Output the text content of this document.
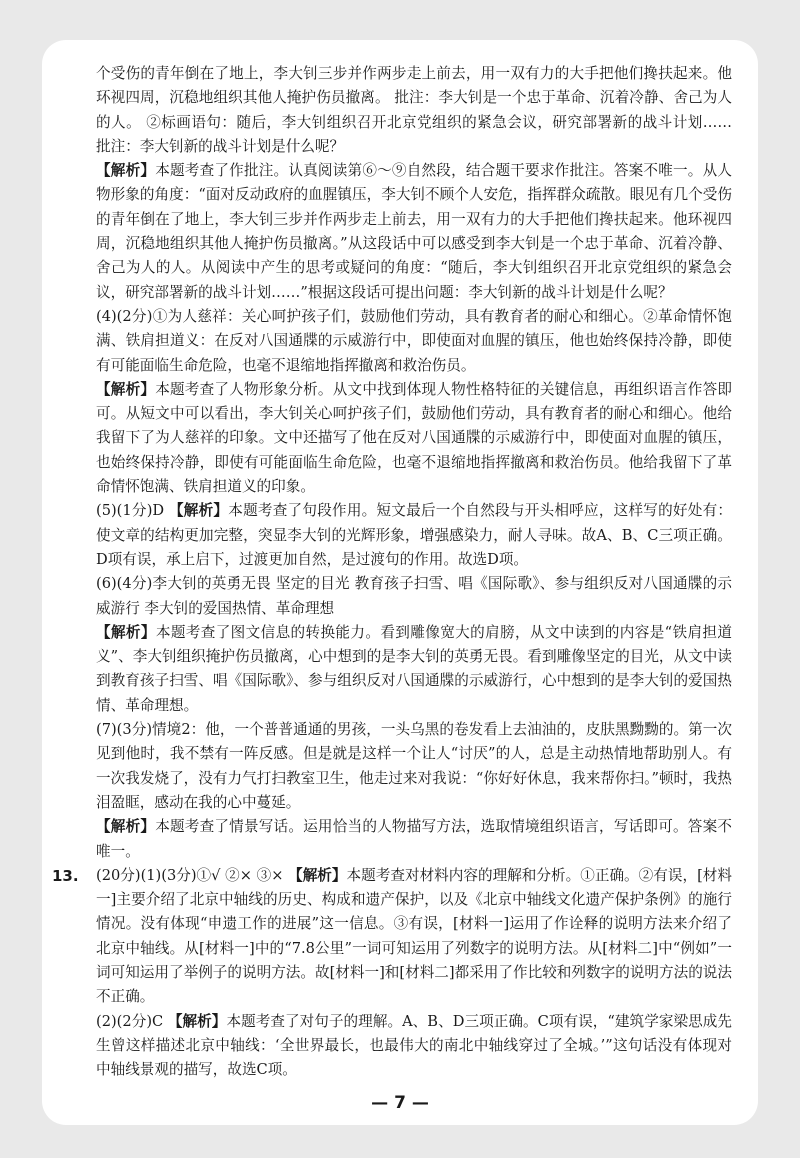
个受伤的青年倒在了地上，李大钊三步并作两步走上前去，用一双有力的大手把他们搀扶起来。他环视四周，沉稳地组织其他人掩护伤员撤离。 批注：李大钊是一个忠于革命、沉着冷静、舍己为人的人。 ②标画语句：随后，李大钊组织召开北京党组织的紧急会议，研究部署新的战斗计划…… 批注：李大钊新的战斗计划是什么呢？

【解析】本题考查了作批注。认真阅读第⑥～⑨自然段，结合题干要求作批注。答案不唯一。从人物形象的角度：“面对反动政府的血腥镇压，李大钊不顾个人安危，指挥群众疏散。眼见有几个受伤的青年倒在了地上，李大钊三步并作两步走上前去，用一双有力的大手把他们搀扶起来。他环视四周，沉稳地组织其他人掩护伤员撤离。”从这段话中可以感受到李大钊是一个忠于革命、沉着冷静、舍己为人的人。从阅读中产生的思考或疑问的角度：“随后，李大钊组织召开北京党组织的紧急会议，研究部署新的战斗计划……”根据这段话可提出问题：李大钊新的战斗计划是什么呢？

(4)(2分)①为人慈祥：关心呵护孩子们，鼓励他们劳动，具有教育者的耐心和细心。②革命情怀饱满、铁肩担道义：在反对八国通牒的示威游行中，即使面对血腥的镇压，他也始终保持冷静，即使有可能面临生命危险，也毫不退缩地指挥撤离和救治伤员。

【解析】本题考查了人物形象分析。从文中找到体现人物性格特征的关键信息，再组织语言作答即可。从短文中可以看出，李大钊关心呵护孩子们，鼓励他们劳动，具有教育者的耐心和细心。他给我留下了为人慈祥的印象。文中还描写了他在反对八国通牒的示威游行中，即使面对血腥的镇压，也始终保持冷静，即使有可能面临生命危险，也毫不退缩地指挥撤离和救治伤员。他给我留下了革命情怀饱满、铁肩担道义的印象。

(5)(1分)D 【解析】本题考查了句段作用。短文最后一个自然段与开头相呼应，这样写的好处有：使文章的结构更加完整，突显李大钊的光辉形象，增强感染力，耐人寻味。故A、B、C三项正确。D项有误，承上启下，过渡更加自然，是过渡句的作用。故选D项。

(6)(4分)李大钊的英勇无畏 坚定的目光 教育孩子扫雪、唱《国际歌》、参与组织反对八国通牒的示威游行 李大钊的爱国热情、革命理想

【解析】本题考查了图文信息的转换能力。看到雕像宽大的肩膀，从文中读到的内容是“铁肩担道义”、李大钊组织掩护伤员撤离，心中想到的是李大钊的英勇无畏。看到雕像坚定的目光，从文中读到教育孩子扫雪、唱《国际歌》、参与组织反对八国通牒的示威游行，心中想到的是李大钊的爱国热情、革命理想。

(7)(3分)情境2：他，一个普普通通的男孩，一头乌黑的卷发看上去油油的，皮肤黑黝黝的。第一次见到他时，我不禁有一阵反感。但是就是这样一个让人“讨厌”的人，总是主动热情地帮助别人。有一次我发烧了，没有力气打扫教室卫生，他走过来对我说：“你好好休息，我来帮你扫。”顿时，我热泪盈眶，感动在我的心中蔓延。

【解析】本题考查了情景写话。运用恰当的人物描写方法，选取情境组织语言，写话即可。答案不唯一。

13. (20分)(1)(3分)①√ ②× ③× 【解析】本题考查对材料内容的理解和分析。①正确。②有误，[材料一]主要介绍了北京中轴线的历史、构成和遗产保护，以及《北京中轴线文化遗产保护条例》的施行情况。没有体现“申遗工作的进展”这一信息。③有误，[材料一]运用了作诠释的说明方法来介绍了北京中轴线。从[材料一]中的“7.8公里”一词可知运用了列数字的说明方法。从[材料二]中“例如”一词可知运用了举例子的说明方法。故[材料一]和[材料二]都采用了作比较和列数字的说明方法的说法不正确。

(2)(2分)C 【解析】本题考查了对句子的理解。A、B、D三项正确。C项有误，“建筑学家梁思成先生曾这样描述北京中轴线：‘全世界最长，也最伟大的南北中轴线穿过了全城。’”这句话没有体现对中轴线景观的描写，故选C项。

— 7 —
